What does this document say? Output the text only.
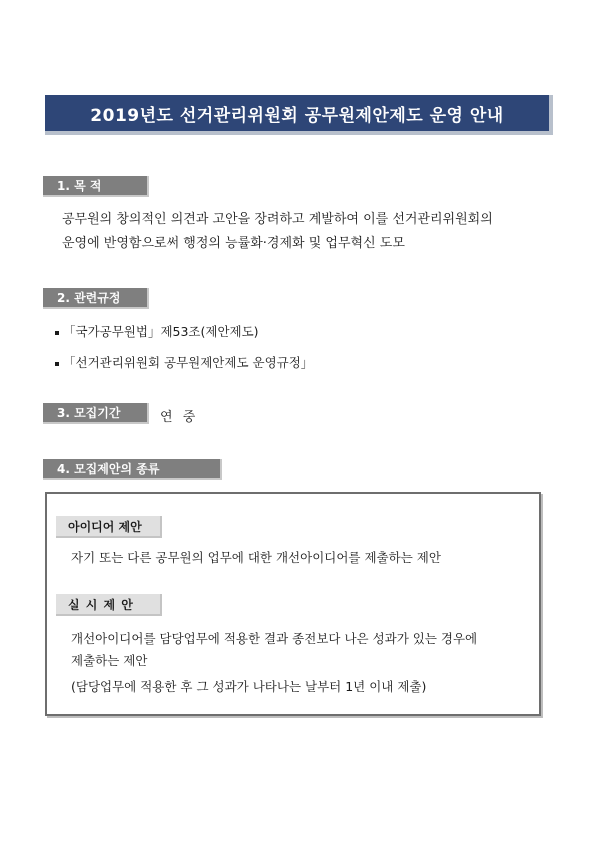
2019년도 선거관리위원회 공무원제안제도 운영 안내
1. 목 적
공무원의 창의적인 의견과 고안을 장려하고 계발하여 이를 선거관리위원회의
운영에 반영함으로써 행정의 능률화·경제화 및 업무혁신 도모
2. 관련규정
「국가공무원법」제53조(제안제도)
「선거관리위원회 공무원제안제도 운영규정」
3. 모집기간	연 중
4. 모집제안의 종류
아이디어 제안
자기 또는 다른 공무원의 업무에 대한 개선아이디어를 제출하는 제안
실 시 제 안
개선아이디어를 담당업무에 적용한 결과 종전보다 나은 성과가 있는 경우에
제출하는 제안
(담당업무에 적용한 후 그 성과가 나타나는 날부터 1년 이내 제출)
